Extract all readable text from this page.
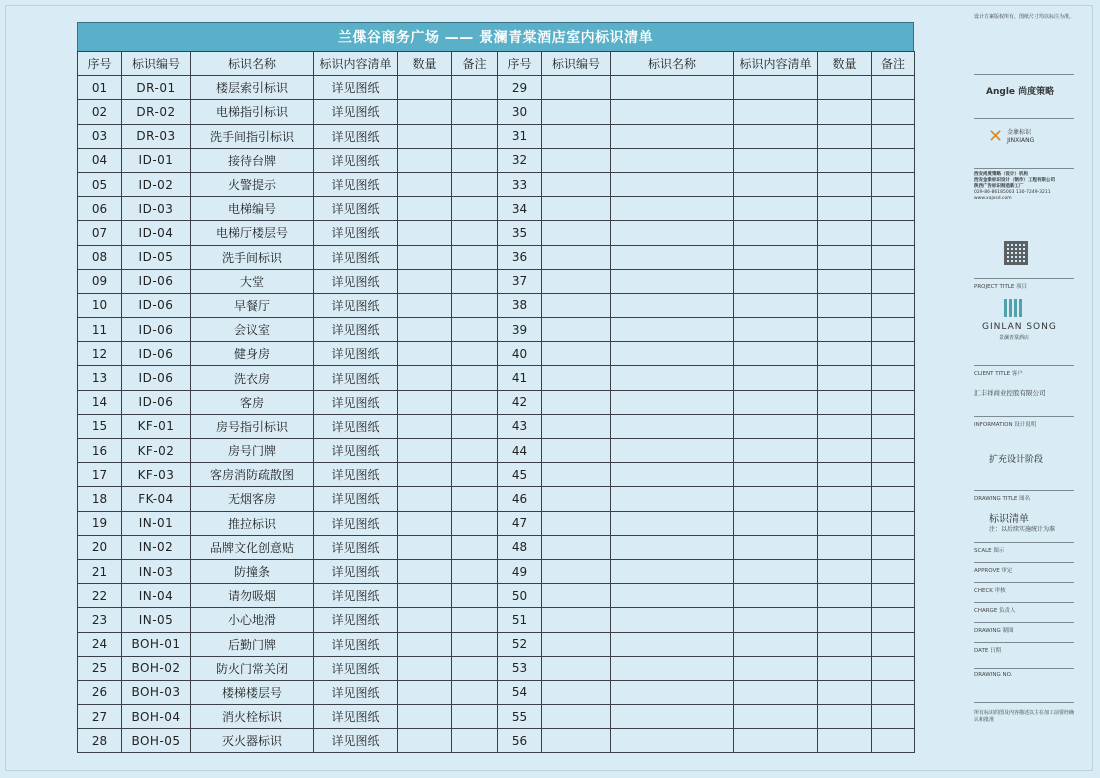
兰偞谷商务广场 —— 景澜青棠酒店室内标识清单
序号	标识编号	标识名称	标识内容清单	数量	备注	序号	标识编号	标识名称	标识内容清单	数量	备注
01	DR-01	楼层索引标识	详见图纸			29					
02	DR-02	电梯指引标识	详见图纸			30					
03	DR-03	洗手间指引标识	详见图纸			31					
04	ID-01	接待台牌	详见图纸			32					
05	ID-02	火警提示	详见图纸			33					
06	ID-03	电梯编号	详见图纸			34					
07	ID-04	电梯厅楼层号	详见图纸			35					
08	ID-05	洗手间标识	详见图纸			36					
09	ID-06	大堂	详见图纸			37					
10	ID-06	早餐厅	详见图纸			38					
11	ID-06	会议室	详见图纸			39					
12	ID-06	健身房	详见图纸			40					
13	ID-06	洗衣房	详见图纸			41					
14	ID-06	客房	详见图纸			42					
15	KF-01	房号指引标识	详见图纸			43					
16	KF-02	房号门牌	详见图纸			44					
17	KF-03	客房消防疏散图	详见图纸			45					
18	FK-04	无烟客房	详见图纸			46					
19	IN-01	推拉标识	详见图纸			47					
20	IN-02	品牌文化创意贴	详见图纸			48					
21	IN-03	防撞条	详见图纸			49					
22	IN-04	请勿吸烟	详见图纸			50					
23	IN-05	小心地滑	详见图纸			51					
24	BOH-01	后勤门牌	详见图纸			52					
25	BOH-02	防火门常关闭	详见图纸			53					
26	BOH-03	楼梯楼层号	详见图纸			54					
27	BOH-04	消火栓标识	详见图纸			55					
28	BOH-05	灭火器标识	详见图纸			56					
设计方案版权所有，图纸尺寸均以标注为准。
Angle 尚度策略
✕ 金象标识 JINXIANG
西安尚度策略（设计）机构
西安金象标识设计（制作）工程有限公司
陕西广告标识制造新工厂
029-86-86185003 130-7249-3211
www.xajxsd.com
PROJECT TITLE 项目
GINLAN SONG
景澜青棠酒店
CLIENT TITLE 客户
汇丰祥商业控股有限公司
INFORMATION 设计说明
扩充设计阶段
DRAWING TITLE 图名
标识清单
注：以后续实施统计为准
SCALE 图示
APPROVE 审定
CHECK 审核
CHARGE 负责人
DRAWING 制图
DATE 日期
DRAWING NO.
所有标识的图及内容描述以主在加工前要经确认和批准
